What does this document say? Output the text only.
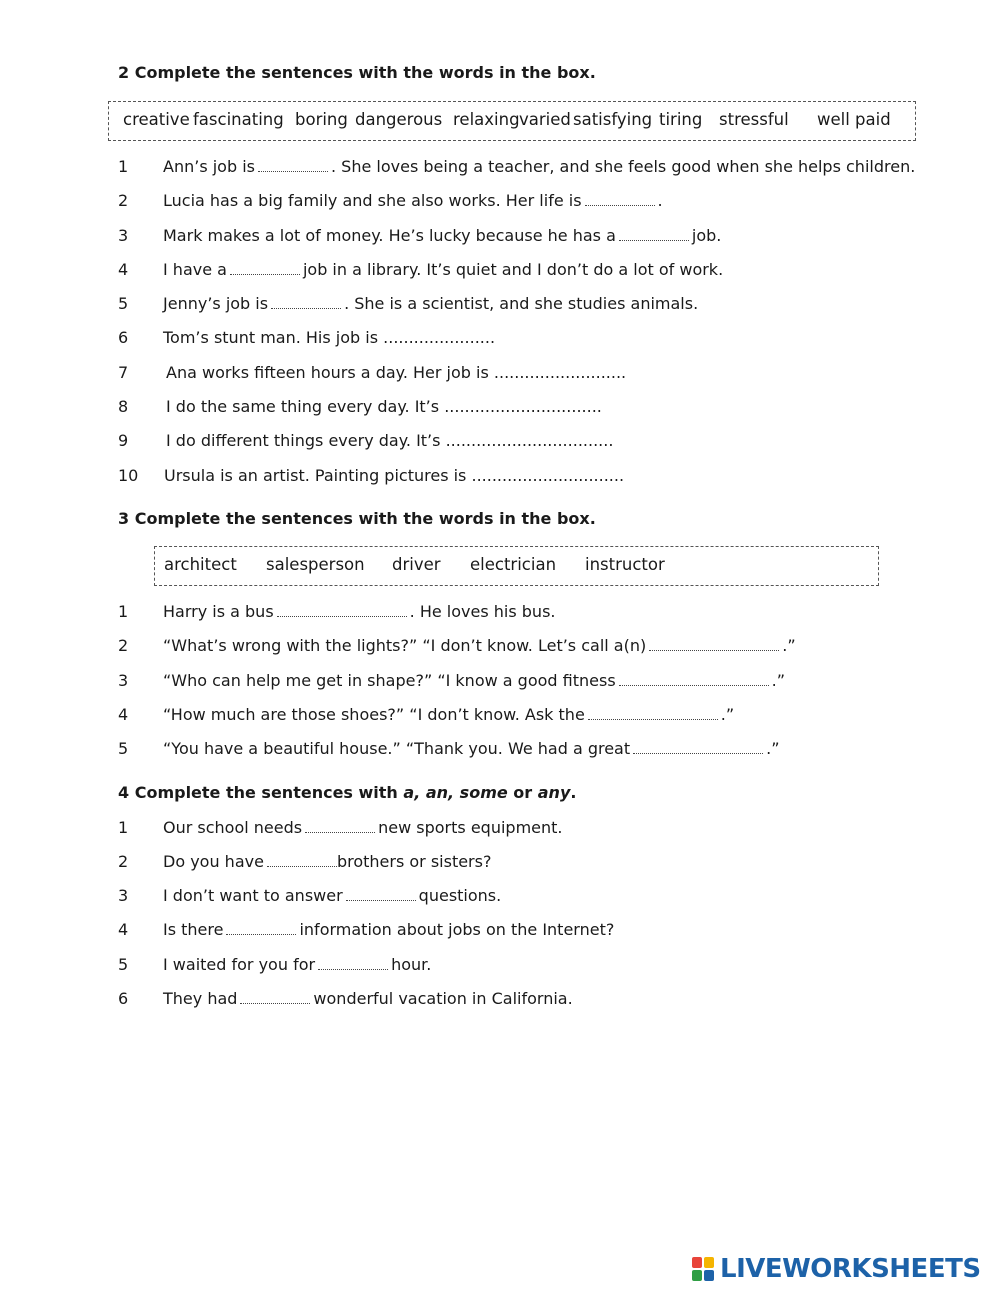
2 Complete the sentences with the words in the box.
creative fascinating boring dangerous relaxing varied satisfying tiring stressful well paid
1 Ann’s job is	. She loves being a teacher, and she feels good when she helps children.
2 Lucia has a big family and she also works. Her life is	.
3 Mark makes a lot of money. He’s lucky because he has a	job.
4 I have a	job in a library. It’s quiet and I don’t do a lot of work.
5 Jenny’s job is	. She is a scientist, and she studies animals.
6 Tom’s stunt man. His job is ......................
7 Ana works fifteen hours a day. Her job is ..........................
8 I do the same thing every day. It’s ...............................
9 I do different things every day. It’s .................................
10 Ursula is an artist. Painting pictures is ..............................
3 Complete the sentences with the words in the box.
architect salesperson driver electrician instructor
1 Harry is a bus	. He loves his bus.
2 “What’s wrong with the lights?” “I don’t know. Let’s call a(n)	.”
3 “Who can help me get in shape?” “I know a good fitness	.”
4 “How much are those shoes?” “I don’t know. Ask the	.”
5 “You have a beautiful house.” “Thank you. We had a great	.”
4 Complete the sentences with a, an, some or any.
1 Our school needs	new sports equipment.
2 Do you have	brothers or sisters?
3 I don’t want to answer	questions.
4 Is there	information about jobs on the Internet?
5 I waited for you for	hour.
6 They had	wonderful vacation in California.
LIVEWORKSHEETS
